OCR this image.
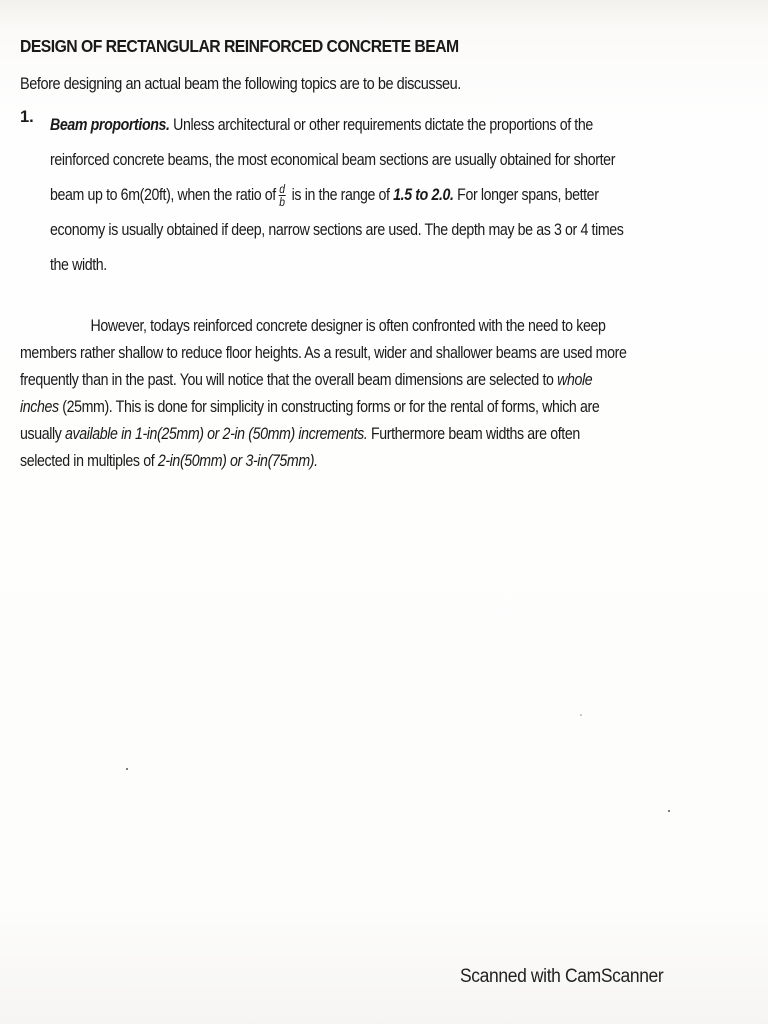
DESIGN OF RECTANGULAR REINFORCED CONCRETE BEAM
Before designing an actual beam the following topics are to be discusseu.
1. Beam proportions. Unless architectural or other requirements dictate the proportions of the
reinforced concrete beams, the most economical beam sections are usually obtained for shorter
beam up to 6m(20ft), when the ratio of $\frac{d}{b}$ is in the range of 1.5 to 2.0. For longer spans, better
economy is usually obtained if deep, narrow sections are used. The depth may be as 3 or 4 times
the width.
However, todays reinforced concrete designer is often confronted with the need to keep
members rather shallow to reduce floor heights. As a result, wider and shallower beams are used more
frequently than in the past. You will notice that the overall beam dimensions are selected to whole
inches (25mm). This is done for simplicity in constructing forms or for the rental of forms, which are
usually available in 1-in(25mm) or 2-in (50mm) increments. Furthermore beam widths are often
selected in multiples of 2-in(50mm) or 3-in(75mm).
Scanned with CamScanner
